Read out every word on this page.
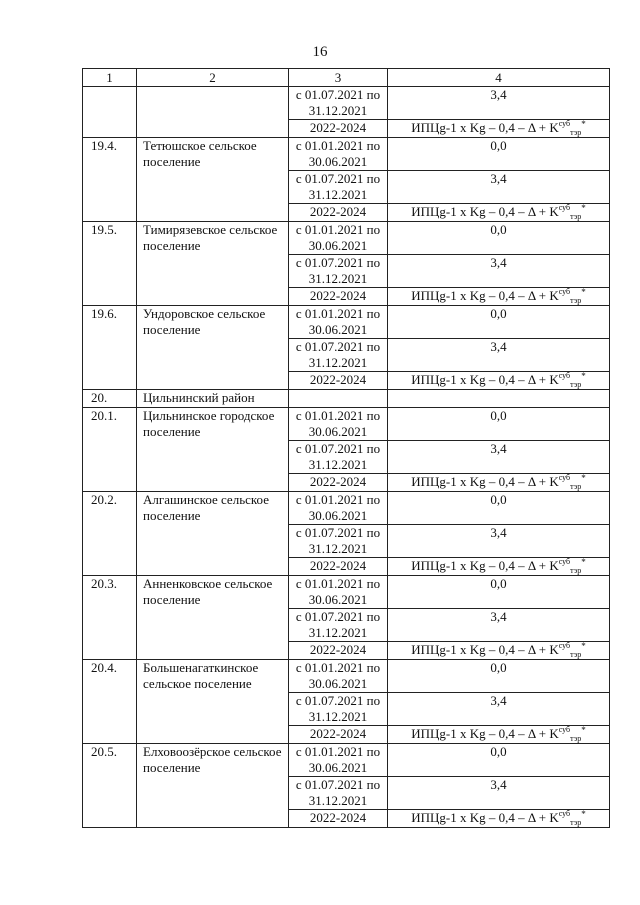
16
1	2	3	4
		с 01.07.2021 по 31.12.2021	3,4
		2022-2024	ИПЦg-1 x $Kg - 0,4 - \Delta + K^{суб}_{тэр}^*$
19.4.	Тетюшское сельское поселение	с 01.01.2021 по 30.06.2021	0,0
		с 01.07.2021 по 31.12.2021	3,4
		2022-2024	ИПЦg-1 x $Kg - 0,4 - \Delta + K^{суб}_{тэр}^*$
19.5.	Тимирязевское сельское поселение	с 01.01.2021 по 30.06.2021	0,0
		с 01.07.2021 по 31.12.2021	3,4
		2022-2024	ИПЦg-1 x $Kg - 0,4 - \Delta + K^{суб}_{тэр}^*$
19.6.	Ундоровское сельское поселение	с 01.01.2021 по 30.06.2021	0,0
		с 01.07.2021 по 31.12.2021	3,4
		2022-2024	ИПЦg-1 x $Kg - 0,4 - \Delta + K^{суб}_{тэр}^*$
20.	Цильнинский район		
20.1.	Цильнинское городское поселение	с 01.01.2021 по 30.06.2021	0,0
		с 01.07.2021 по 31.12.2021	3,4
		2022-2024	ИПЦg-1 x $Kg - 0,4 - \Delta + K^{суб}_{тэр}^*$
20.2.	Алгашинское сельское поселение	с 01.01.2021 по 30.06.2021	0,0
		с 01.07.2021 по 31.12.2021	3,4
		2022-2024	ИПЦg-1 x $Kg - 0,4 - \Delta + K^{суб}_{тэр}^*$
20.3.	Анненковское сельское поселение	с 01.01.2021 по 30.06.2021	0,0
		с 01.07.2021 по 31.12.2021	3,4
		2022-2024	ИПЦg-1 x $Kg - 0,4 - \Delta + K^{суб}_{тэр}^*$
20.4.	Большенагаткинское сельское поселение	с 01.01.2021 по 30.06.2021	0,0
		с 01.07.2021 по 31.12.2021	3,4
		2022-2024	ИПЦg-1 x $Kg - 0,4 - \Delta + K^{суб}_{тэр}^*$
20.5.	Елховоозёрское сельское поселение	с 01.01.2021 по 30.06.2021	0,0
		с 01.07.2021 по 31.12.2021	3,4
		2022-2024	ИПЦg-1 x $Kg - 0,4 - \Delta + K^{суб}_{тэр}^*$
